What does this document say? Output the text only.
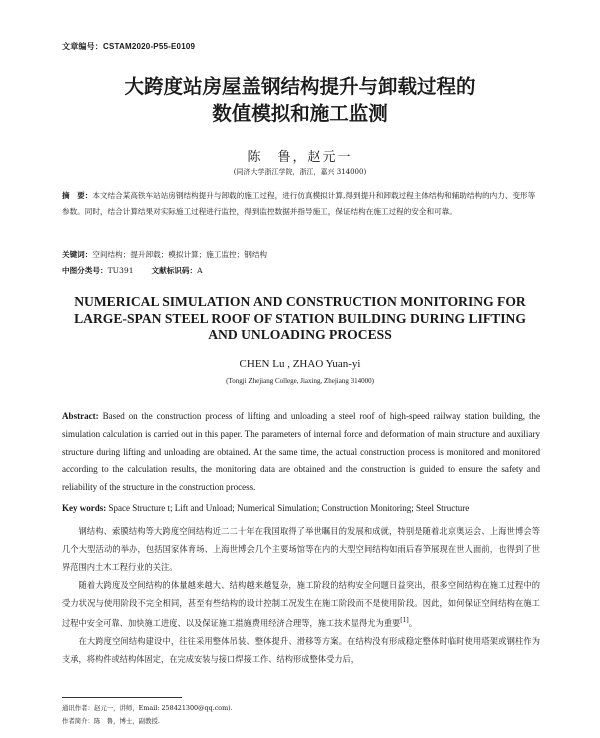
文章编号：CSTAM2020-P55-E0109
大跨度站房屋盖钢结构提升与卸载过程的
数值模拟和施工监测
陈　鲁，赵元一
(同济大学浙江学院，浙江，嘉兴 314000)
摘　要：本文结合某高铁车站站房钢结构提升与卸载的施工过程，进行仿真模拟计算,得到提升和卸载过程主体结构和辅助结构的内力、变形等参数。同时，结合计算结果对实际施工过程进行监控，得到监控数据并指导施工，保证结构在施工过程的安全和可靠。
关键词：空间结构；提升卸载；模拟计算；施工监控；钢结构
中图分类号：TU391 文献标识码：A
NUMERICAL SIMULATION AND CONSTRUCTION MONITORING FOR
LARGE-SPAN STEEL ROOF OF STATION BUILDING DURING LIFTING
AND UNLOADING PROCESS
CHEN Lu , ZHAO Yuan-yi
(Tongji Zhejiang College, Jiaxing, Zhejiang 314000)
Abstract: Based on the construction process of lifting and unloading a steel roof of high-speed railway station building, the simulation calculation is carried out in this paper. The parameters of internal force and deformation of main structure and auxiliary structure during lifting and unloading are obtained. At the same time, the actual construction process is monitored and monitored according to the calculation results, the monitoring data are obtained and the construction is guided to ensure the safety and reliability of the structure in the construction process.
Key words: Space Structure t; Lift and Unload; Numerical Simulation; Construction Monitoring; Steel Structure

钢结构、索膜结构等大跨度空间结构近二二十年在我国取得了举世瞩目的发展和成就，特别是随着北京奥运会、上海世博会等几个大型活动的举办，包括国家体育场、上海世博会几个主要场馆等在内的大型空间结构如雨后春笋展现在世人面前，也得到了世界范围内土木工程行业的关注。

随着大跨度及空间结构的体量越来越大、结构越来越复杂，施工阶段的结构安全问题日益突出，很多空间结构在施工过程中的受力状况与使用阶段不完全相同，甚至有些结构的设计控制工况发生在施工阶段而不是使用阶段。因此，如何保证空间结构在施工过程中安全可靠、加快施工进度、以及保证施工措施费用经济合理等，施工技术显得尤为重要[1]。

在大跨度空间结构建设中，往往采用整体吊装、整体提升、滑移等方案。在结构没有形成稳定整体时临时使用塔架或钢柱作为支承，将构件或结构体固定，在完成安装与接口焊接工作、结构形成整体受力后，

通讯作者：赵元一，讲师，Email: 258421300@qq.com).
作者简介：陈　鲁，博士，副教授.
